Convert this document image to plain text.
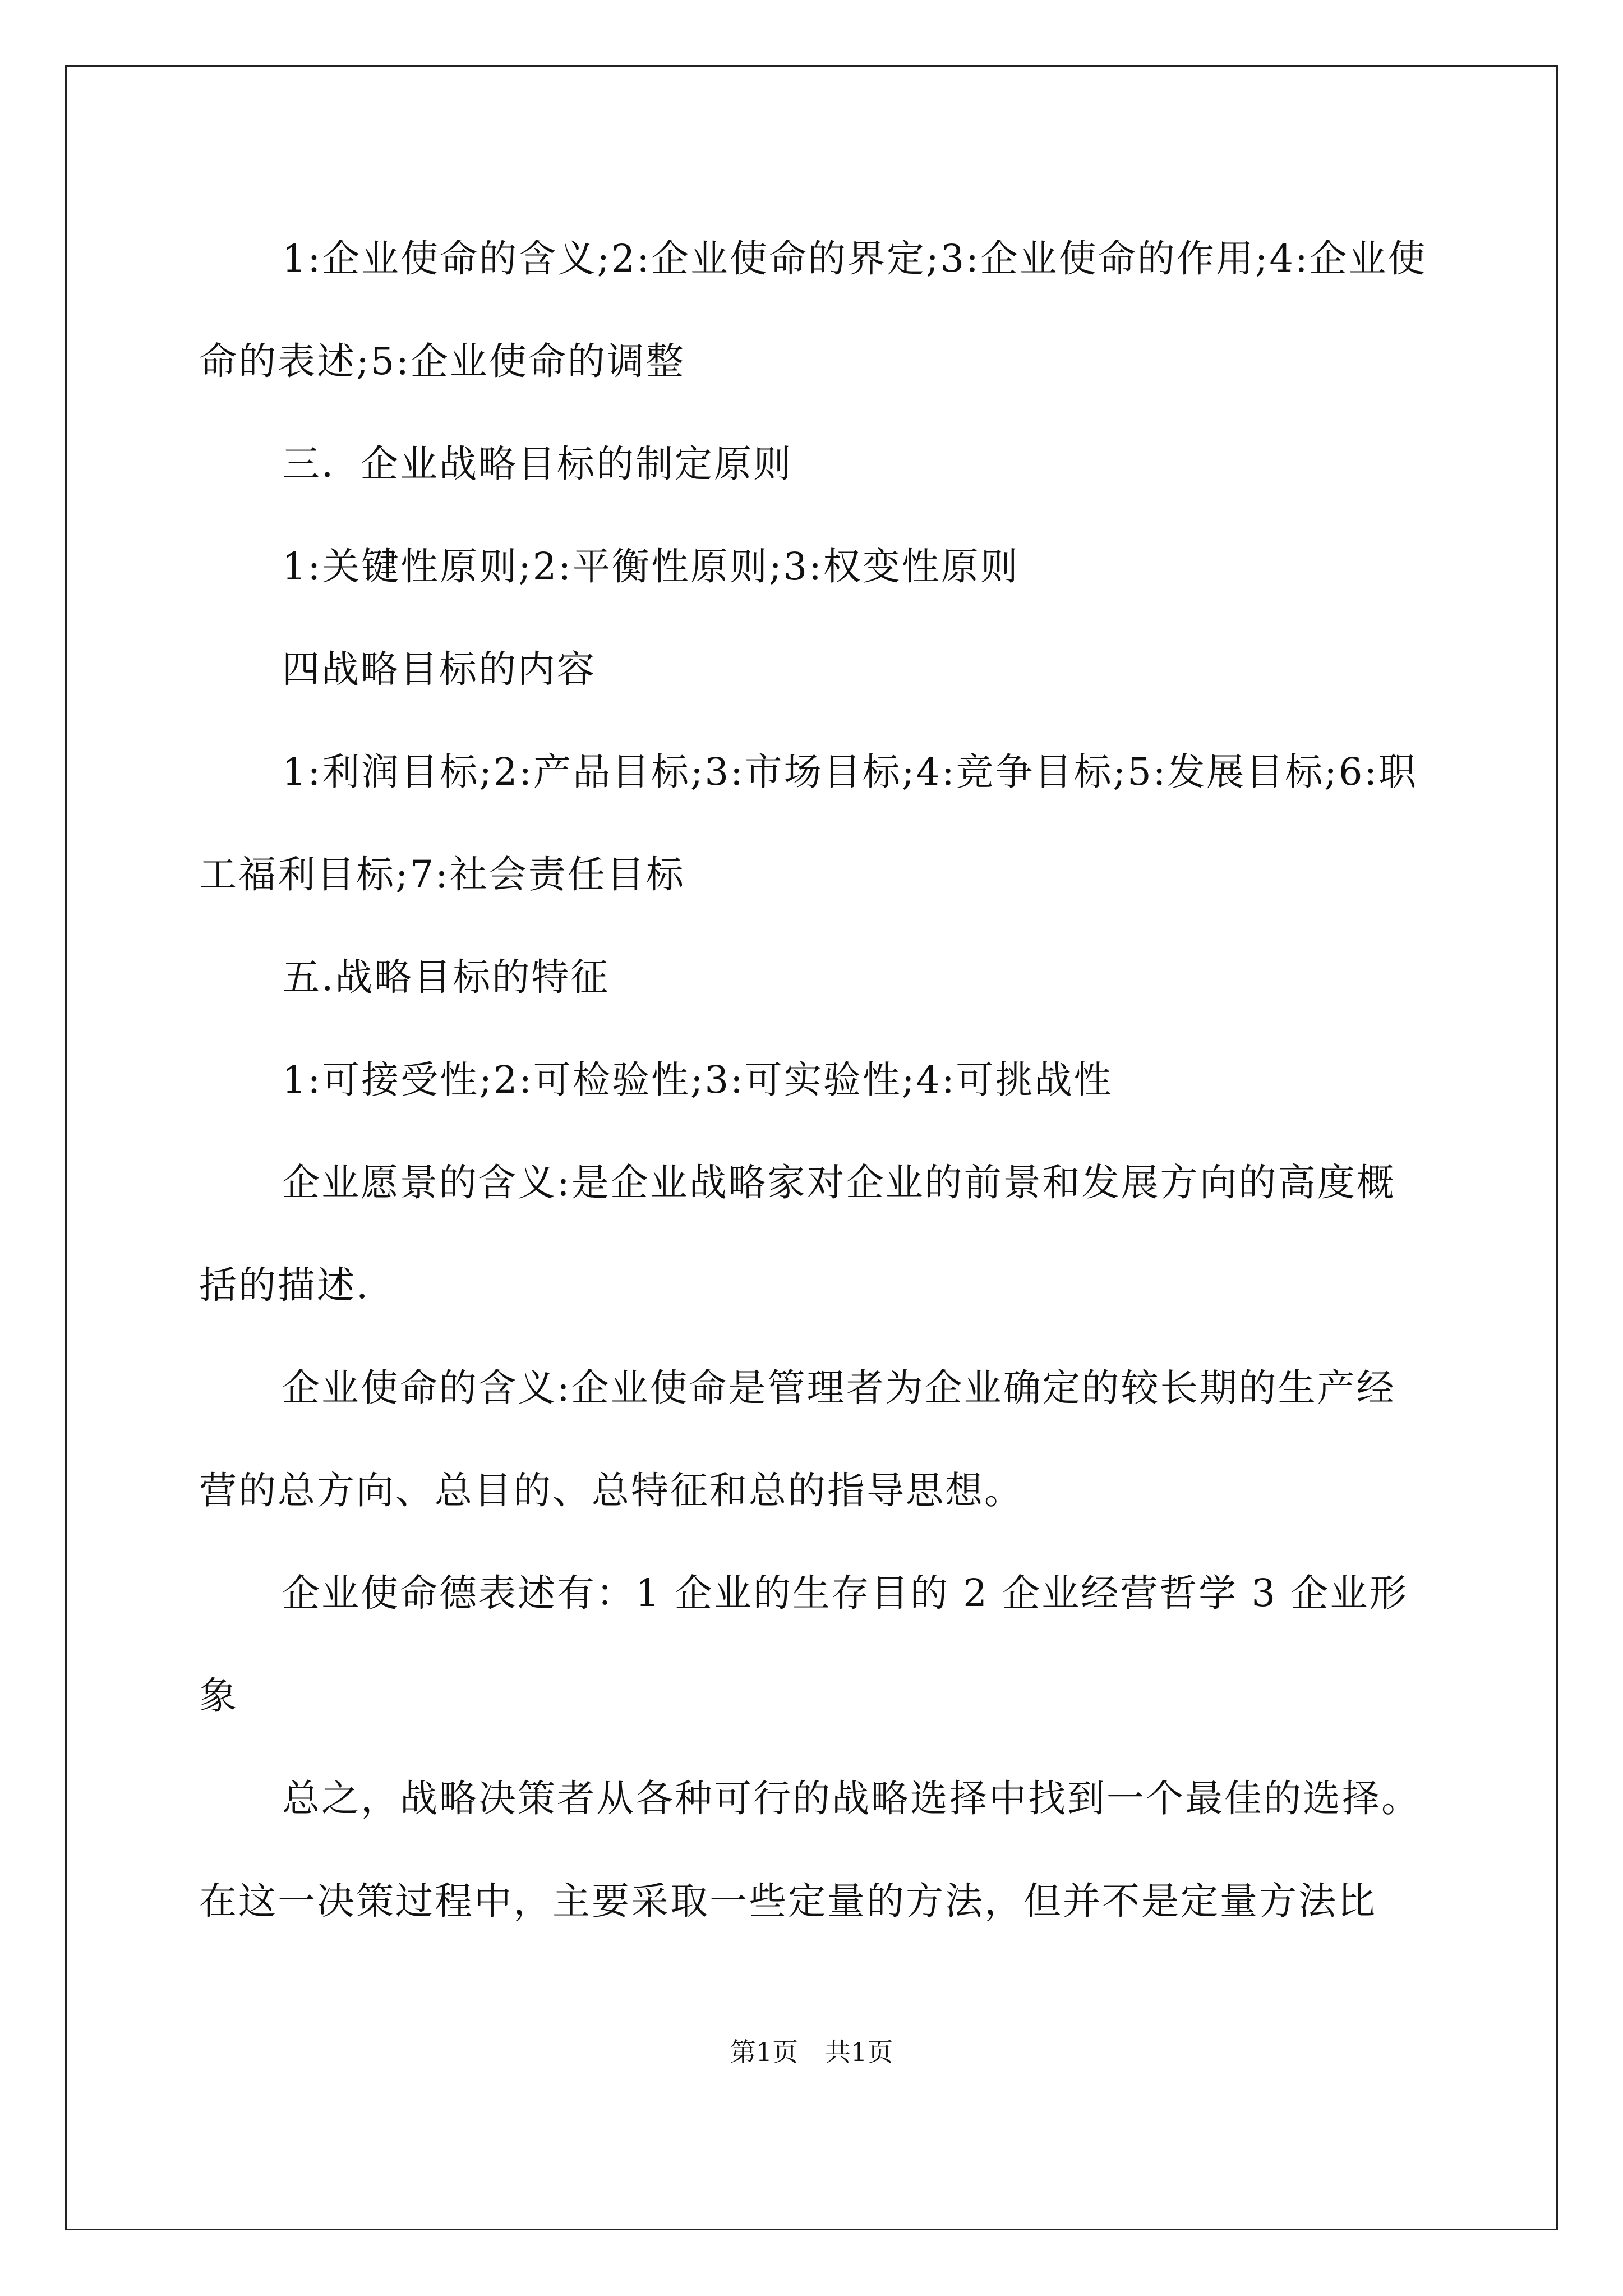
1:企业使命的含义;2:企业使命的界定;3:企业使命的作用;4:企业使命的表述;5:企业使命的调整

三．企业战略目标的制定原则

1:关键性原则;2:平衡性原则;3:权变性原则

四战略目标的内容

1:利润目标;2:产品目标;3:市场目标;4:竞争目标;5:发展目标;6:职工福利目标;7:社会责任目标

五.战略目标的特征

1:可接受性;2:可检验性;3:可实验性;4:可挑战性

企业愿景的含义:是企业战略家对企业的前景和发展方向的高度概括的描述.

企业使命的含义:企业使命是管理者为企业确定的较长期的生产经营的总方向、总目的、总特征和总的指导思想。

企业使命德表述有：1 企业的生存目的 2 企业经营哲学 3 企业形象

总之，战略决策者从各种可行的战略选择中找到一个最佳的选择。在这一决策过程中，主要采取一些定量的方法，但并不是定量方法比

第1页 共1页
